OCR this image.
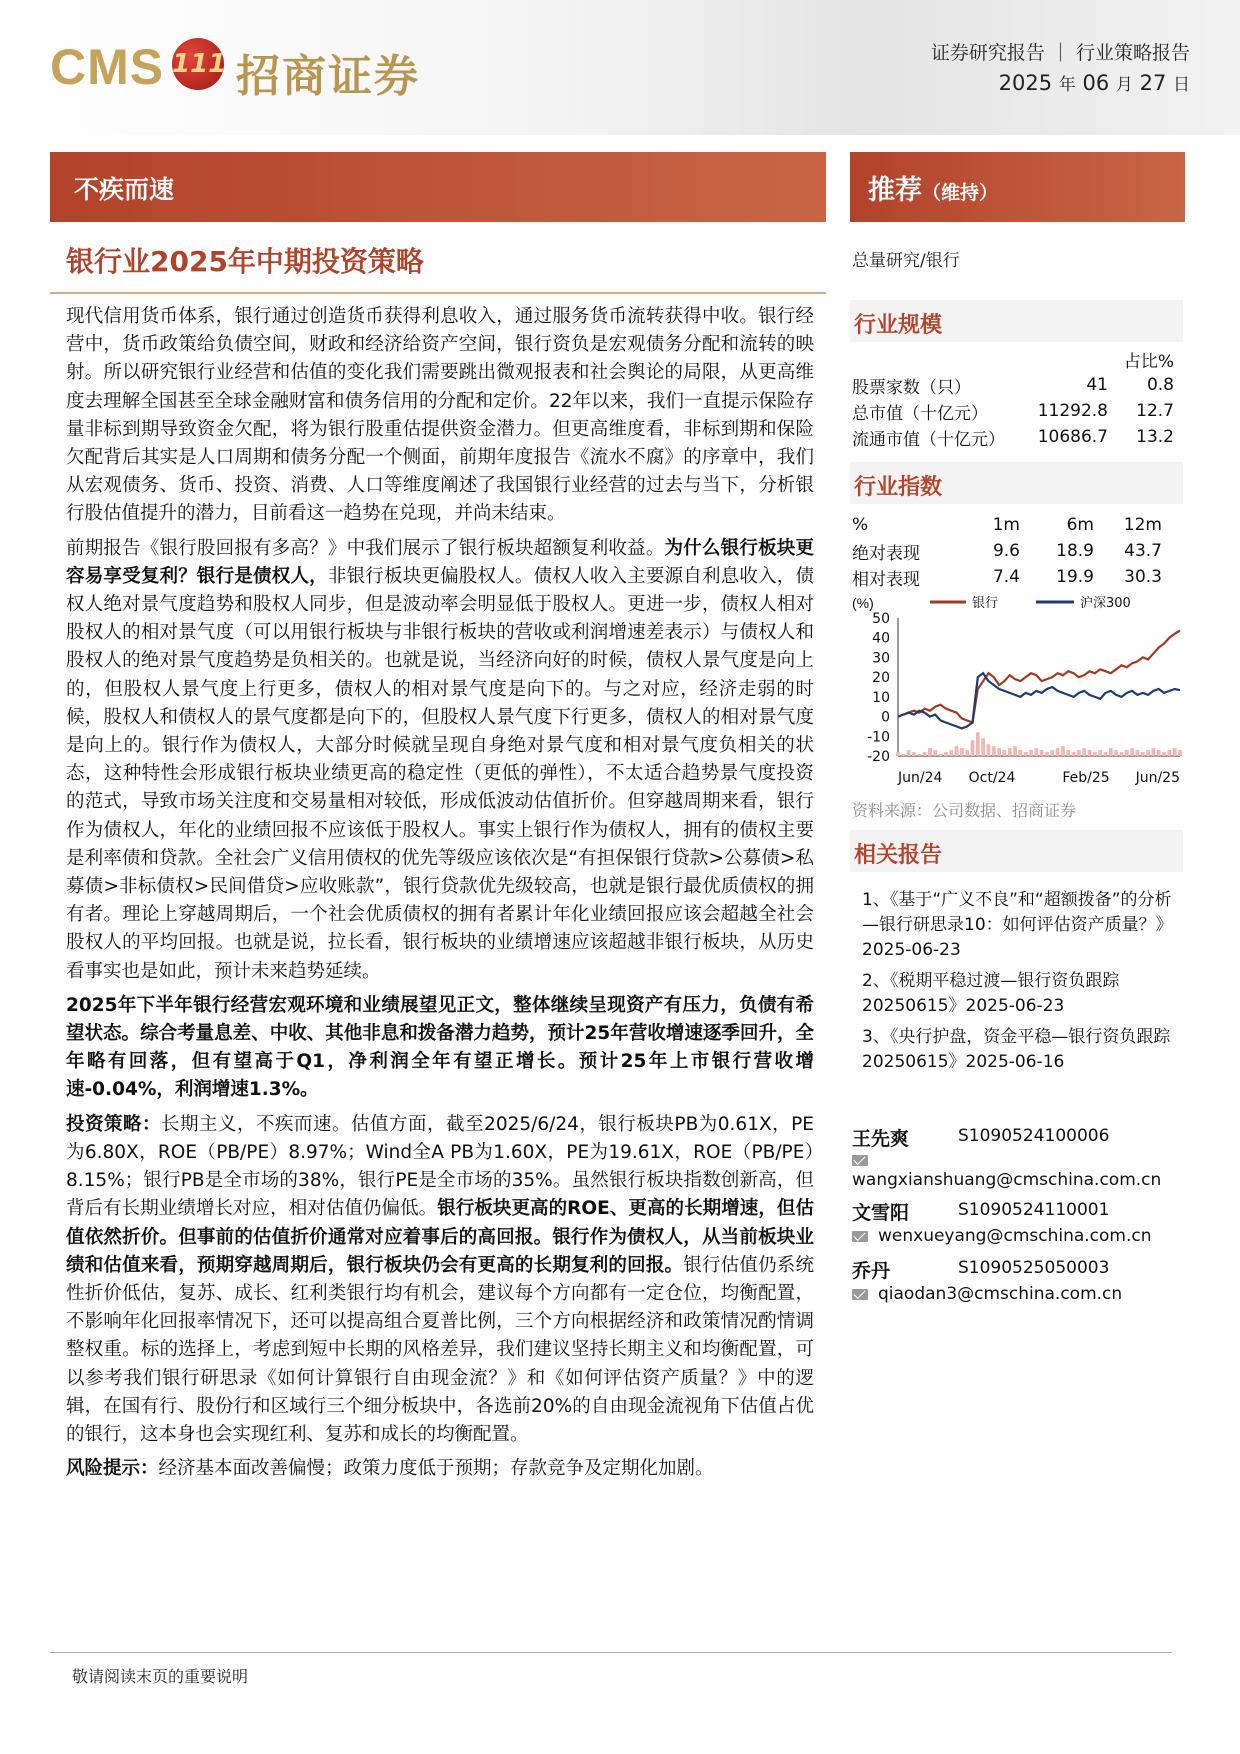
CMS 111 招商证券	证券研究报告 ｜ 行业策略报告
2025 年 06 月 27 日
不疾而速	推荐（维持）
银行业2025年中期投资策略	总量研究/银行

现代信用货币体系，银行通过创造货币获得利息收入，通过服务货币流转获得中收。银行经营中，货币政策给负债空间，财政和经济给资产空间，银行资负是宏观债务分配和流转的映射。所以研究银行业经营和估值的变化我们需要跳出微观报表和社会舆论的局限，从更高维度去理解全国甚至全球金融财富和债务信用的分配和定价。22年以来，我们一直提示保险存量非标到期导致资金欠配，将为银行股重估提供资金潜力。但更高维度看，非标到期和保险欠配背后其实是人口周期和债务分配一个侧面，前期年度报告《流水不腐》的序章中，我们从宏观债务、货币、投资、消费、人口等维度阐述了我国银行业经营的过去与当下，分析银行股估值提升的潜力，目前看这一趋势在兑现，并尚未结束。

前期报告《银行股回报有多高？》中我们展示了银行板块超额复利收益。为什么银行板块更容易享受复利？银行是债权人，非银行板块更偏股权人。债权人收入主要源自利息收入，债权人绝对景气度趋势和股权人同步，但是波动率会明显低于股权人。更进一步，债权人相对股权人的相对景气度（可以用银行板块与非银行板块的营收或利润增速差表示）与债权人和股权人的绝对景气度趋势是负相关的。也就是说，当经济向好的时候，债权人景气度是向上的，但股权人景气度上行更多，债权人的相对景气度是向下的。与之对应，经济走弱的时候，股权人和债权人的景气度都是向下的，但股权人景气度下行更多，债权人的相对景气度是向上的。银行作为债权人，大部分时候就呈现自身绝对景气度和相对景气度负相关的状态，这种特性会形成银行板块业绩更高的稳定性（更低的弹性），不太适合趋势景气度投资的范式，导致市场关注度和交易量相对较低，形成低波动估值折价。但穿越周期来看，银行作为债权人，年化的业绩回报不应该低于股权人。事实上银行作为债权人，拥有的债权主要是利率债和贷款。全社会广义信用债权的优先等级应该依次是“有担保银行贷款>公募债>私募债>非标债权>民间借贷>应收账款”，银行贷款优先级较高，也就是银行最优质债权的拥有者。理论上穿越周期后，一个社会优质债权的拥有者累计年化业绩回报应该会超越全社会股权人的平均回报。也就是说，拉长看，银行板块的业绩增速应该超越非银行板块，从历史看事实也是如此，预计未来趋势延续。

2025年下半年银行经营宏观环境和业绩展望见正文，整体继续呈现资产有压力，负债有希望状态。综合考量息差、中收、其他非息和拨备潜力趋势，预计25年营收增速逐季回升，全年略有回落，但有望高于Q1，净利润全年有望正增长。预计25年上市银行营收增速-0.04%，利润增速1.3%。

投资策略：长期主义，不疾而速。估值方面，截至2025/6/24，银行板块PB为0.61X，PE为6.80X，ROE（PB/PE）8.97%；Wind全A PB为1.60X，PE为19.61X，ROE（PB/PE）8.15%；银行PB是全市场的38%，银行PE是全市场的35%。虽然银行板块指数创新高，但背后有长期业绩增长对应，相对估值仍偏低。银行板块更高的ROE、更高的长期增速，但估值依然折价。但事前的估值折价通常对应着事后的高回报。银行作为债权人，从当前板块业绩和估值来看，预期穿越周期后，银行板块仍会有更高的长期复利的回报。银行估值仍系统性折价低估，复苏、成长、红利类银行均有机会，建议每个方向都有一定仓位，均衡配置，不影响年化回报率情况下，还可以提高组合夏普比例，三个方向根据经济和政策情况酌情调整权重。标的选择上，考虑到短中长期的风格差异，我们建议坚持长期主义和均衡配置，可以参考我们银行研思录《如何计算银行自由现金流？》和《如何评估资产质量？》中的逻辑，在国有行、股份行和区域行三个细分板块中，各选前20%的自由现金流视角下估值占优的银行，这本身也会实现红利、复苏和成长的均衡配置。

风险提示：经济基本面改善偏慢；政策力度低于预期；存款竞争及定期化加剧。

行业规模
		占比%
股票家数（只）	41	0.8
总市值（十亿元）	11292.8	12.7
流通市值（十亿元）	10686.7	13.2
行业指数
%	1m	6m	12m
绝对表现	9.6	18.9	43.7
相对表现	7.4	19.9	30.3
(%)	银行	沪深300
50
40
30
20
10
0
-10
-20
Jun/24 Oct/24	Feb/25 Jun/25
资料来源：公司数据、招商证券
相关报告
1、《基于“广义不良”和“超额拨备”的分析—银行研思录10：如何评估资产质量？》2025-06-23
2、《税期平稳过渡—银行资负跟踪20250615》2025-06-23
3、《央行护盘，资金平稳—银行资负跟踪20250615》2025-06-16
王先爽	S1090524100006
wangxianshuang@cmschina.com.cn
文雪阳	S1090524110001
wenxueyang@cmschina.com.cn
乔丹	S1090525050003
qiaodan3@cmschina.com.cn
敬请阅读末页的重要说明
